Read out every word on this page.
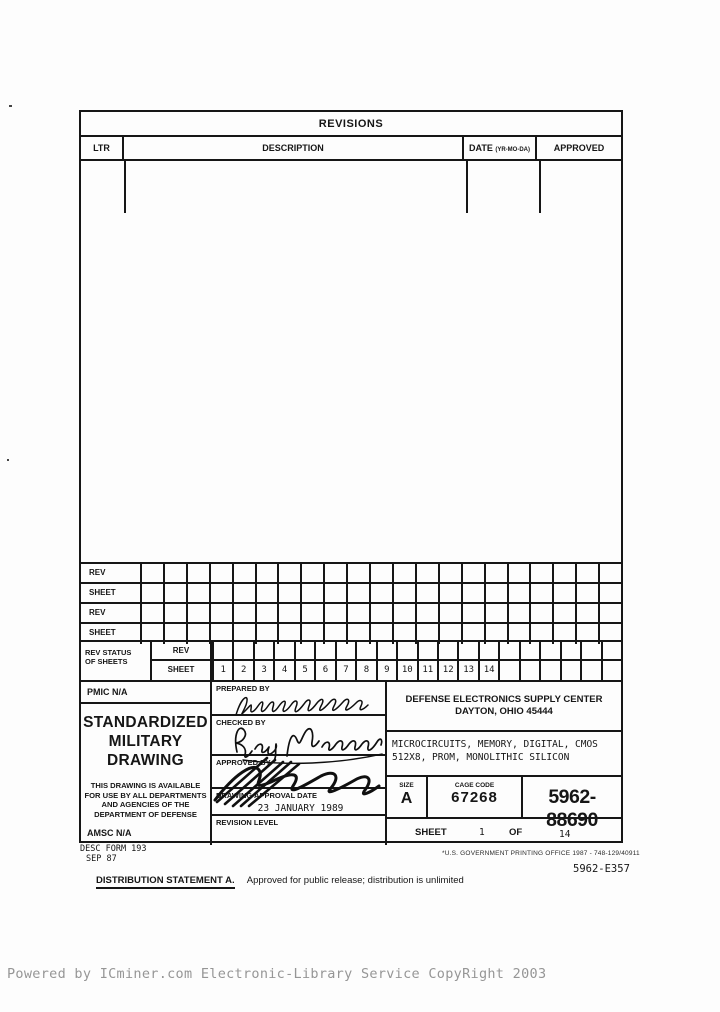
REVISIONS
LTR	DESCRIPTION	DATE (YR-MO-DA)	APPROVED
REV
SHEET
REV
SHEET
REV STATUS
OF SHEETS
REV
SHEET	1	2	3	4	5	6	7	8	9	10	11	12	13	14
PMIC N/A
STANDARDIZED
MILITARY
DRAWING
THIS DRAWING IS AVAILABLE
FOR USE BY ALL DEPARTMENTS
AND AGENCIES OF THE
DEPARTMENT OF DEFENSE
AMSC N/A
PREPARED BY
CHECKED BY
APPROVED BY
DRAWING APPROVAL DATE
23 JANUARY 1989
REVISION LEVEL
DEFENSE ELECTRONICS SUPPLY CENTER
DAYTON, OHIO 45444
MICROCIRCUITS, MEMORY, DIGITAL, CMOS
512X8, PROM, MONOLITHIC SILICON
SIZE
A
CAGE CODE
67268	5962-88690
SHEET	1	OF	14
DESC FORM 193
SEP 87	*U.S. GOVERNMENT PRINTING OFFICE 1987 - 748-129/40911
5962-E357
DISTRIBUTION STATEMENT A. Approved for public release; distribution is unlimited
Powered by ICminer.com Electronic-Library Service CopyRight 2003
